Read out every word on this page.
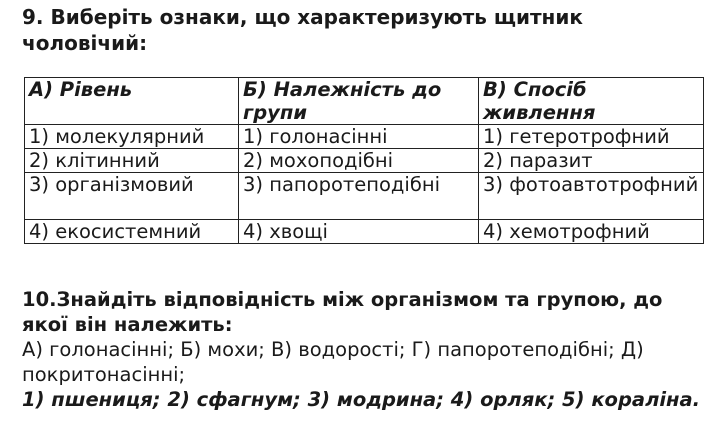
9. Виберіть ознаки, що характеризують щитник
чоловічий:
А) Рівень	Б) Належність до групи	В) Спосіб живлення
1) молекулярний	1) голонасінні	1) гетеротрофний
2) клітинний	2) мохоподібні	2) паразит
3) організмовий	3) папоротеподібні	3) фотоавтотрофний
4) екосистемний	4) хвощі	4) хемотрофний
10.Знайдіть відповідність між організмом та групою, до якої він належить:
А) голонасінні; Б) мохи; В) водорості; Г) папоротеподібні; Д) покритонасінні;
1) пшениця; 2) сфагнум; 3) модрина; 4) орляк; 5) кораліна.
